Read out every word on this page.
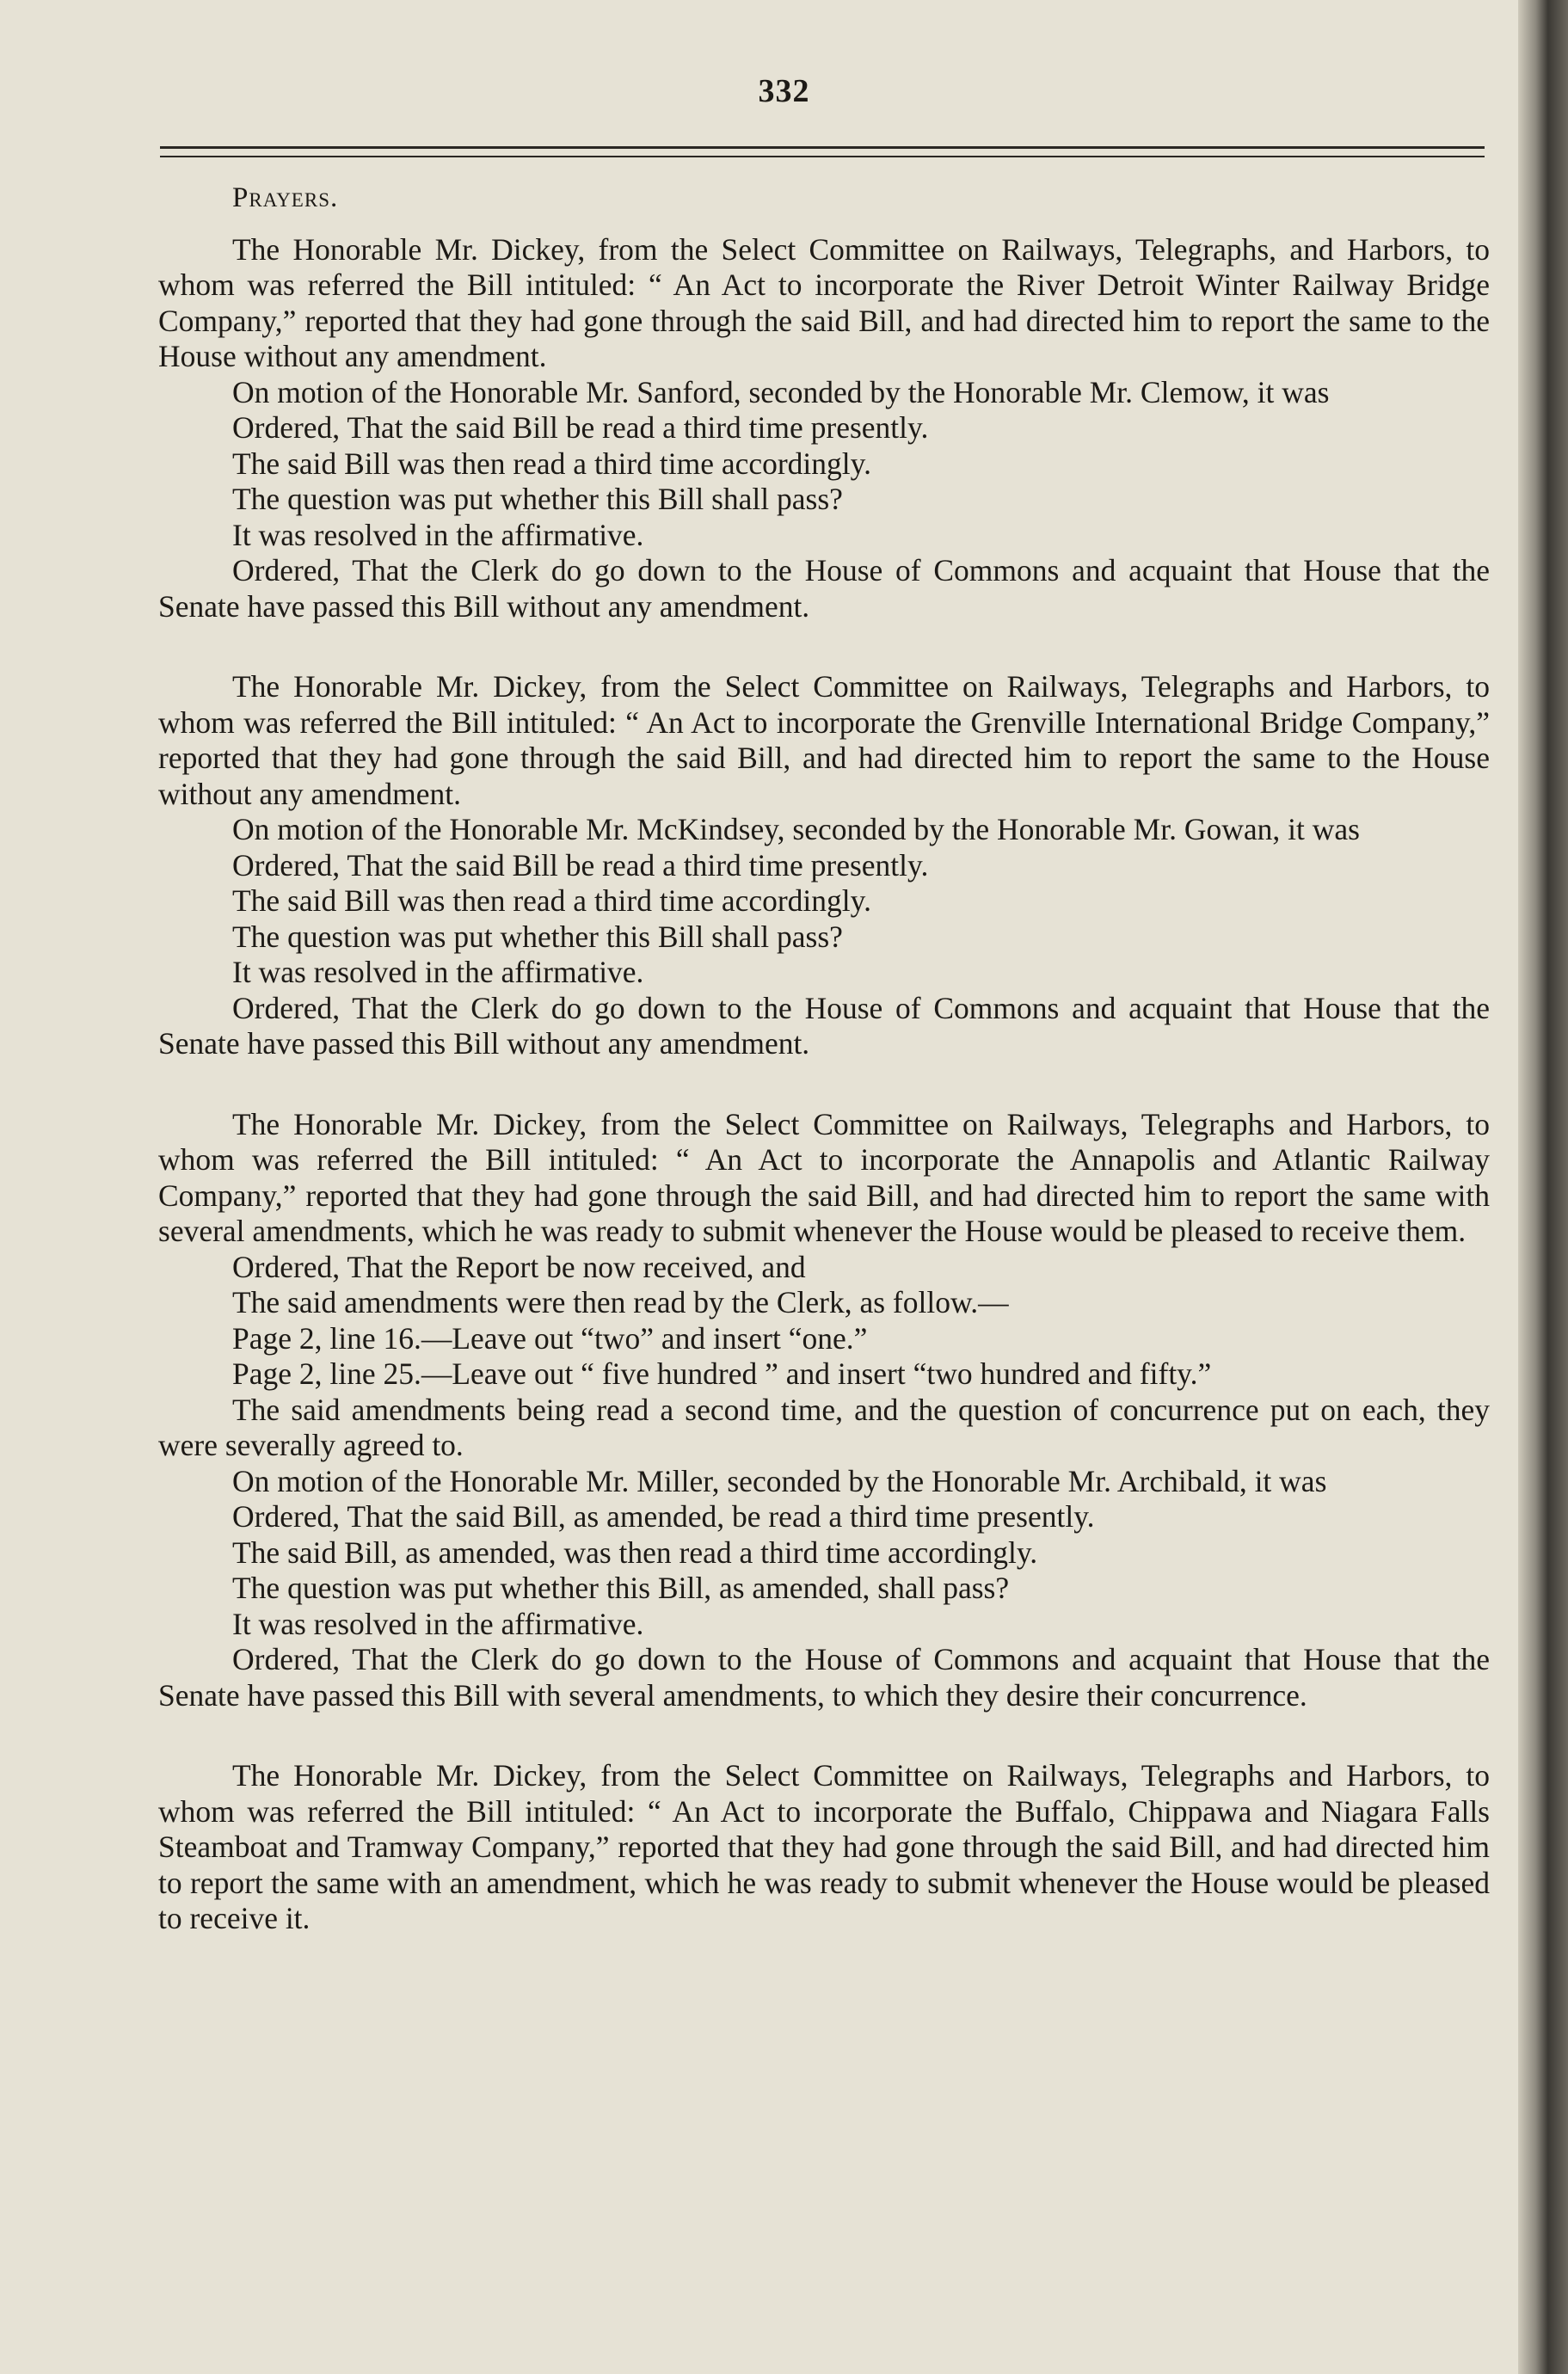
332

Prayers.

The Honorable Mr. Dickey, from the Select Committee on Railways, Telegraphs, and Harbors, to whom was referred the Bill intituled: “ An Act to incorporate the River Detroit Winter Railway Bridge Company,” reported that they had gone through the said Bill, and had directed him to report the same to the House without any amendment.

On motion of the Honorable Mr. Sanford, seconded by the Honorable Mr. Clemow, it was

Ordered, That the said Bill be read a third time presently.

The said Bill was then read a third time accordingly.

The question was put whether this Bill shall pass?

It was resolved in the affirmative.

Ordered, That the Clerk do go down to the House of Commons and acquaint that House that the Senate have passed this Bill without any amendment.

The Honorable Mr. Dickey, from the Select Committee on Railways, Telegraphs and Harbors, to whom was referred the Bill intituled: “ An Act to incorporate the Grenville International Bridge Company,” reported that they had gone through the said Bill, and had directed him to report the same to the House without any amendment.

On motion of the Honorable Mr. McKindsey, seconded by the Honorable Mr. Gowan, it was

Ordered, That the said Bill be read a third time presently.

The said Bill was then read a third time accordingly.

The question was put whether this Bill shall pass?

It was resolved in the affirmative.

Ordered, That the Clerk do go down to the House of Commons and acquaint that House that the Senate have passed this Bill without any amendment.

The Honorable Mr. Dickey, from the Select Committee on Railways, Telegraphs and Harbors, to whom was referred the Bill intituled: “ An Act to incorporate the Annapolis and Atlantic Railway Company,” reported that they had gone through the said Bill, and had directed him to report the same with several amendments, which he was ready to submit whenever the House would be pleased to receive them.

Ordered, That the Report be now received, and

The said amendments were then read by the Clerk, as follow.—

Page 2, line 16.—Leave out “two” and insert “one.”

Page 2, line 25.—Leave out “ five hundred ” and insert “two hundred and fifty.”

The said amendments being read a second time, and the question of concurrence put on each, they were severally agreed to.

On motion of the Honorable Mr. Miller, seconded by the Honorable Mr. Archibald, it was

Ordered, That the said Bill, as amended, be read a third time presently.

The said Bill, as amended, was then read a third time accordingly.

The question was put whether this Bill, as amended, shall pass?

It was resolved in the affirmative.

Ordered, That the Clerk do go down to the House of Commons and acquaint that House that the Senate have passed this Bill with several amendments, to which they desire their concurrence.

The Honorable Mr. Dickey, from the Select Committee on Railways, Telegraphs and Harbors, to whom was referred the Bill intituled: “ An Act to incorporate the Buffalo, Chippawa and Niagara Falls Steamboat and Tramway Company,” reported that they had gone through the said Bill, and had directed him to report the same with an amendment, which he was ready to submit whenever the House would be pleased to receive it.
